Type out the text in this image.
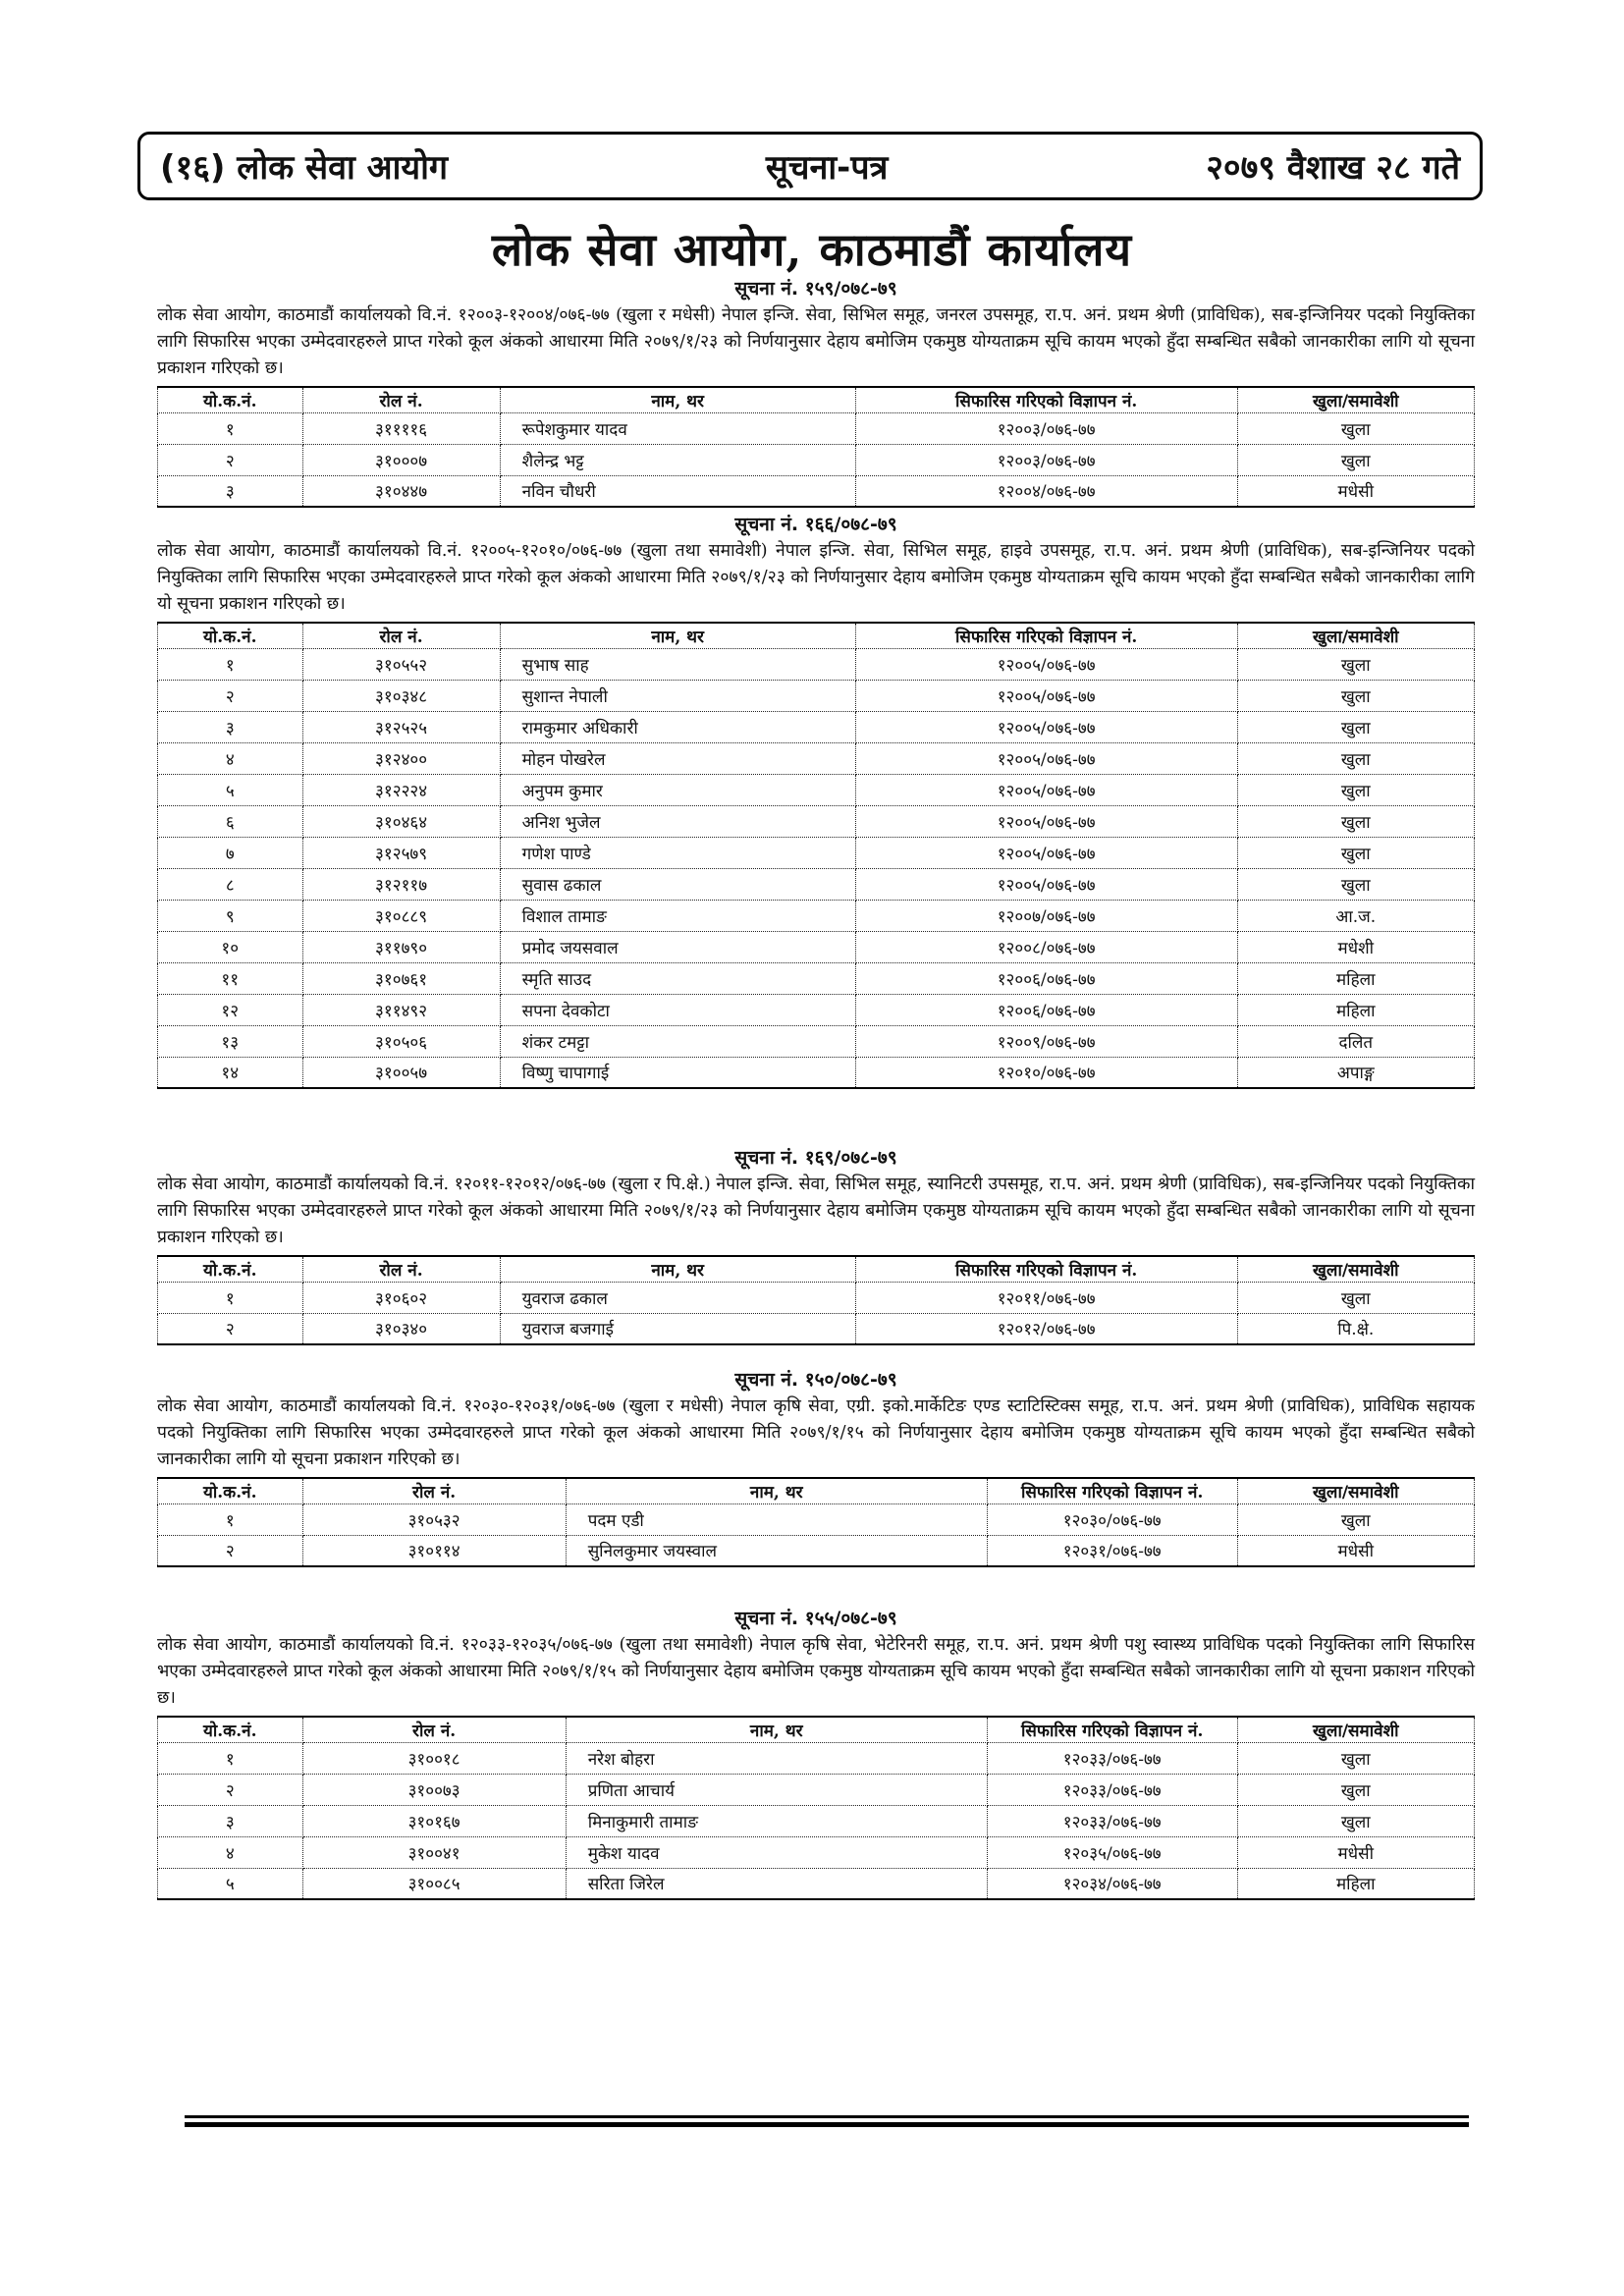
(१६) लोक सेवा आयोग	सूचना-पत्र	२०७९ वैशाख २८ गते
लोक सेवा आयोग, काठमाडौं कार्यालय
सूचना नं. १५९/०७८-७९
लोक सेवा आयोग, काठमाडौं कार्यालयको वि.नं. १२००३-१२००४/०७६-७७ (खुला र मधेसी) नेपाल इन्जि. सेवा, सिभिल समूह, जनरल उपसमूह, रा.प. अनं. प्रथम श्रेणी (प्राविधिक), सब-इन्जिनियर पदको नियुक्तिका लागि सिफारिस भएका उम्मेदवारहरुले प्राप्त गरेको कूल अंकको आधारमा मिति २०७९/१/२३ को निर्णयानुसार देहाय बमोजिम एकमुष्ठ योग्यताक्रम सूचि कायम भएको हुँदा सम्बन्धित सबैको जानकारीका लागि यो सूचना प्रकाशन गरिएको छ।
यो.क.नं.	रोल नं.	नाम, थर	सिफारिस गरिएको विज्ञापन नं.	खुला/समावेशी
१	३११११६	रूपेशकुमार यादव	१२००३/०७६-७७	खुला
२	३१०००७	शैलेन्द्र भट्ट	१२००३/०७६-७७	खुला
३	३१०४४७	नविन चौधरी	१२००४/०७६-७७	मधेसी
सूचना नं. १६६/०७८-७९
लोक सेवा आयोग, काठमाडौं कार्यालयको वि.नं. १२००५-१२०१०/०७६-७७ (खुला तथा समावेशी) नेपाल इन्जि. सेवा, सिभिल समूह, हाइवे उपसमूह, रा.प. अनं. प्रथम श्रेणी (प्राविधिक), सब-इन्जिनियर पदको नियुक्तिका लागि सिफारिस भएका उम्मेदवारहरुले प्राप्त गरेको कूल अंकको आधारमा मिति २०७९/१/२३ को निर्णयानुसार देहाय बमोजिम एकमुष्ठ योग्यताक्रम सूचि कायम भएको हुँदा सम्बन्धित सबैको जानकारीका लागि यो सूचना प्रकाशन गरिएको छ।
यो.क.नं.	रोल नं.	नाम, थर	सिफारिस गरिएको विज्ञापन नं.	खुला/समावेशी
१	३१०५५२	सुभाष साह	१२००५/०७६-७७	खुला
२	३१०३४८	सुशान्त नेपाली	१२००५/०७६-७७	खुला
३	३१२५२५	रामकुमार अधिकारी	१२००५/०७६-७७	खुला
४	३१२४००	मोहन पोखरेल	१२००५/०७६-७७	खुला
५	३१२२२४	अनुपम कुमार	१२००५/०७६-७७	खुला
६	३१०४६४	अनिश भुजेल	१२००५/०७६-७७	खुला
७	३१२५७९	गणेश पाण्डे	१२००५/०७६-७७	खुला
८	३१२११७	सुवास ढकाल	१२००५/०७६-७७	खुला
९	३१०८८९	विशाल तामाङ	१२००७/०७६-७७	आ.ज.
१०	३११७९०	प्रमोद जयसवाल	१२००८/०७६-७७	मधेशी
११	३१०७६१	स्मृति साउद	१२००६/०७६-७७	महिला
१२	३११४९२	सपना देवकोटा	१२००६/०७६-७७	महिला
१३	३१०५०६	शंकर टमट्टा	१२००९/०७६-७७	दलित
१४	३१००५७	विष्णु चापागाई	१२०१०/०७६-७७	अपाङ्ग
सूचना नं. १६९/०७८-७९
लोक सेवा आयोग, काठमाडौं कार्यालयको वि.नं. १२०११-१२०१२/०७६-७७ (खुला र पि.क्षे.) नेपाल इन्जि. सेवा, सिभिल समूह, स्यानिटरी उपसमूह, रा.प. अनं. प्रथम श्रेणी (प्राविधिक), सब-इन्जिनियर पदको नियुक्तिका लागि सिफारिस भएका उम्मेदवारहरुले प्राप्त गरेको कूल अंकको आधारमा मिति २०७९/१/२३ को निर्णयानुसार देहाय बमोजिम एकमुष्ठ योग्यताक्रम सूचि कायम भएको हुँदा सम्बन्धित सबैको जानकारीका लागि यो सूचना प्रकाशन गरिएको छ।
यो.क.नं.	रोल नं.	नाम, थर	सिफारिस गरिएको विज्ञापन नं.	खुला/समावेशी
१	३१०६०२	युवराज ढकाल	१२०११/०७६-७७	खुला
२	३१०३४०	युवराज बजगाई	१२०१२/०७६-७७	पि.क्षे.
सूचना नं. १५०/०७८-७९
लोक सेवा आयोग, काठमाडौं कार्यालयको वि.नं. १२०३०-१२०३१/०७६-७७ (खुला र मधेसी) नेपाल कृषि सेवा, एग्री. इको.मार्केटिङ एण्ड स्टाटिस्टिक्स समूह, रा.प. अनं. प्रथम श्रेणी (प्राविधिक), प्राविधिक सहायक पदको नियुक्तिका लागि सिफारिस भएका उम्मेदवारहरुले प्राप्त गरेको कूल अंकको आधारमा मिति २०७९/१/१५ को निर्णयानुसार देहाय बमोजिम एकमुष्ठ योग्यताक्रम सूचि कायम भएको हुँदा सम्बन्धित सबैको जानकारीका लागि यो सूचना प्रकाशन गरिएको छ।
यो.क.नं.	रोल नं.	नाम, थर	सिफारिस गरिएको विज्ञापन नं.	खुला/समावेशी
१	३१०५३२	पदम एडी	१२०३०/०७६-७७	खुला
२	३१०११४	सुनिलकुमार जयस्वाल	१२०३१/०७६-७७	मधेसी
सूचना नं. १५५/०७८-७९
लोक सेवा आयोग, काठमाडौं कार्यालयको वि.नं. १२०३३-१२०३५/०७६-७७ (खुला तथा समावेशी) नेपाल कृषि सेवा, भेटेरिनरी समूह, रा.प. अनं. प्रथम श्रेणी पशु स्वास्थ्य प्राविधिक पदको नियुक्तिका लागि सिफारिस भएका उम्मेदवारहरुले प्राप्त गरेको कूल अंकको आधारमा मिति २०७९/१/१५ को निर्णयानुसार देहाय बमोजिम एकमुष्ठ योग्यताक्रम सूचि कायम भएको हुँदा सम्बन्धित सबैको जानकारीका लागि यो सूचना प्रकाशन गरिएको छ।
यो.क.नं.	रोल नं.	नाम, थर	सिफारिस गरिएको विज्ञापन नं.	खुला/समावेशी
१	३१००१८	नरेश बोहरा	१२०३३/०७६-७७	खुला
२	३१००७३	प्रणिता आचार्य	१२०३३/०७६-७७	खुला
३	३१०१६७	मिनाकुमारी तामाङ	१२०३३/०७६-७७	खुला
४	३१००४१	मुकेश यादव	१२०३५/०७६-७७	मधेसी
५	३१००८५	सरिता जिरेल	१२०३४/०७६-७७	महिला
